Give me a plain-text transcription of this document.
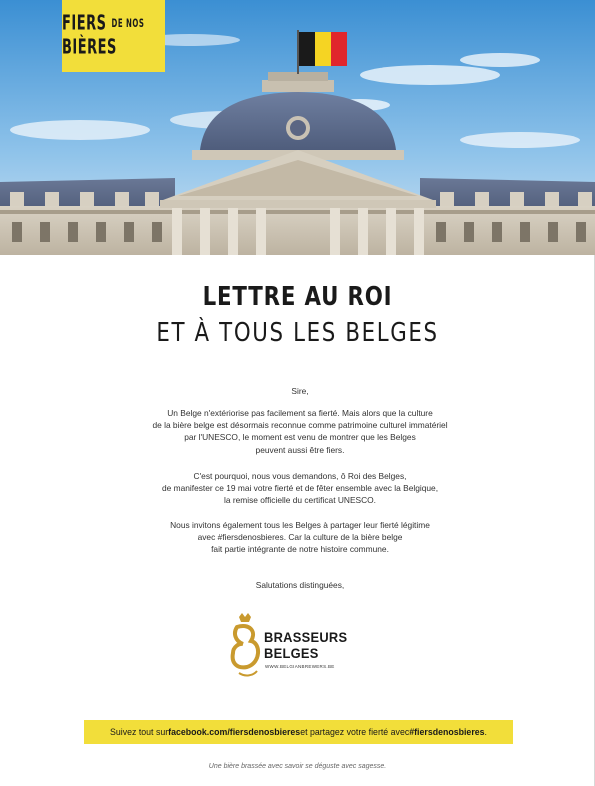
FIERS DE NOS BIÈRES
LETTRE AU ROI
ET À TOUS LES BELGES

Sire,

Un Belge n'extériorise pas facilement sa fierté. Mais alors que la culture

de la bière belge est désormais reconnue comme patrimoine culturel immatériel

par l'UNESCO, le moment est venu de montrer que les Belges

peuvent aussi être fiers.

C'est pourquoi, nous vous demandons, ô Roi des Belges,

de manifester ce 19 mai votre fierté et de fêter ensemble avec la Belgique,

la remise officielle du certificat UNESCO.

Nous invitons également tous les Belges à partager leur fierté légitime

avec #fiersdenosbieres. Car la culture de la bière belge

fait partie intégrante de notre histoire commune.

Salutations distinguées,

BRASSEURS
BELGES
WWW.BELGIANBREWERS.BE
Suivez tout sur facebook.com/fiersdenosbieres et partagez votre fierté avec #fiersdenosbieres .
Une bière brassée avec savoir se déguste avec sagesse.
